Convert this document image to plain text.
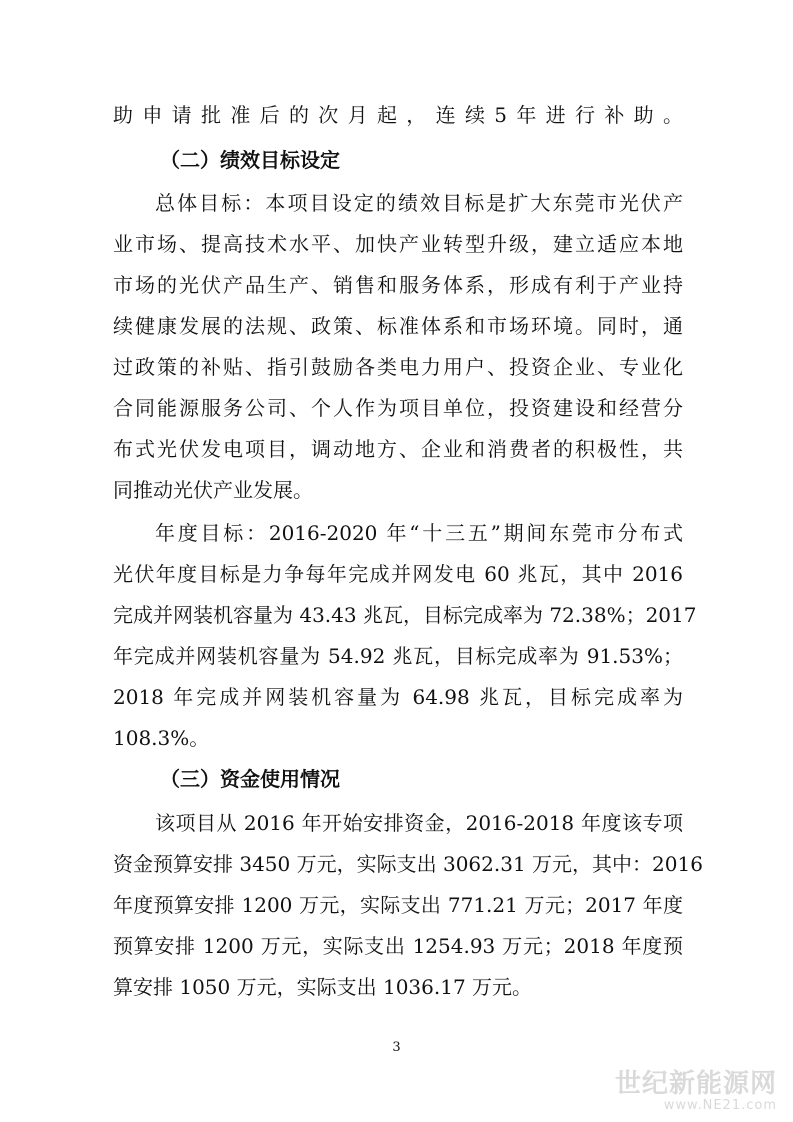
助申请批准后的次月起，连续5年进行补助。
（二）绩效目标设定
总体目标：本项目设定的绩效目标是扩大东莞市光伏产
业市场、提高技术水平、加快产业转型升级，建立适应本地
市场的光伏产品生产、销售和服务体系，形成有利于产业持
续健康发展的法规、政策、标准体系和市场环境。同时，通
过政策的补贴、指引鼓励各类电力用户、投资企业、专业化
合同能源服务公司、个人作为项目单位，投资建设和经营分
布式光伏发电项目，调动地方、企业和消费者的积极性，共
同推动光伏产业发展。
年度目标：2016-2020 年“十三五”期间东莞市分布式
光伏年度目标是力争每年完成并网发电 60 兆瓦，其中 2016
完成并网装机容量为 43.43 兆瓦，目标完成率为 72.38%；2017
年完成并网装机容量为 54.92 兆瓦，目标完成率为 91.53%；
2018 年完成并网装机容量为 64.98 兆瓦，目标完成率为
108.3%。
（三）资金使用情况
该项目从 2016 年开始安排资金，2016-2018 年度该专项
资金预算安排 3450 万元，实际支出 3062.31 万元，其中：2016
年度预算安排 1200 万元，实际支出 771.21 万元；2017 年度
预算安排 1200 万元，实际支出 1254.93 万元；2018 年度预
算安排 1050 万元，实际支出 1036.17 万元。
3
世纪新能源网
www.NE21.com
